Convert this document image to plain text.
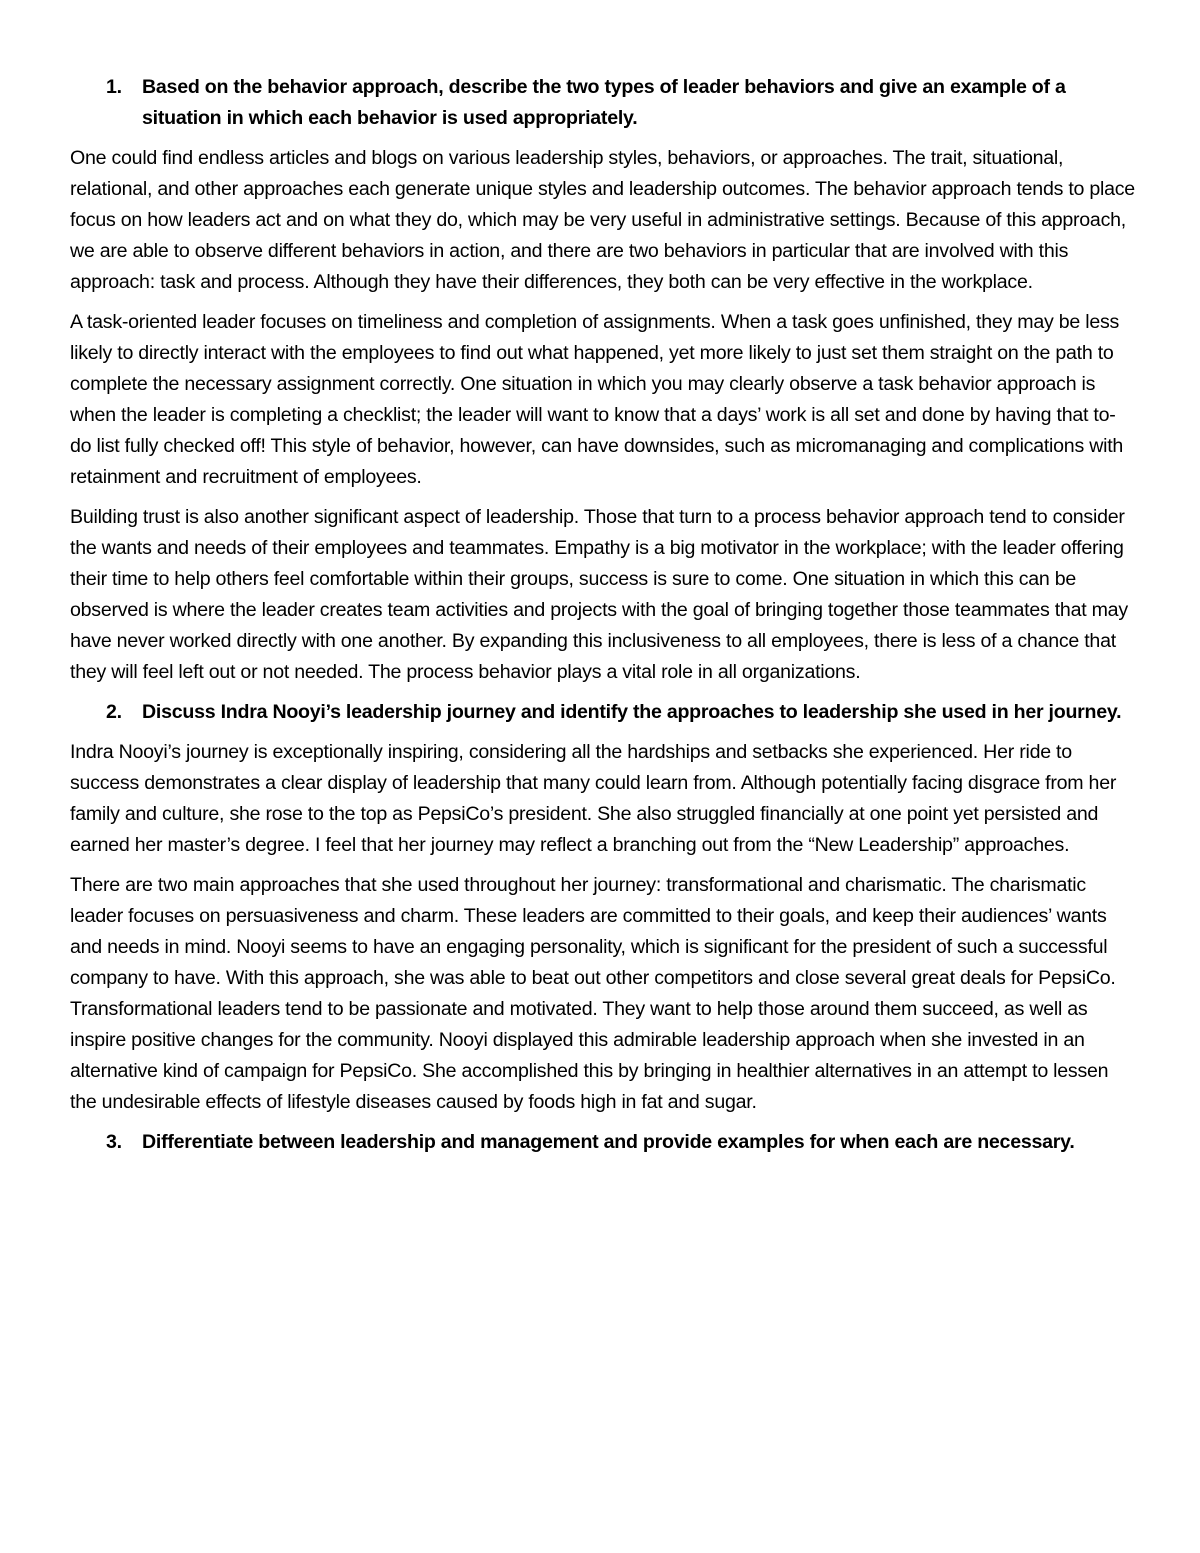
1.	Based on the behavior approach, describe the two types of leader behaviors and give an example of a situation in which each behavior is used appropriately.

One could find endless articles and blogs on various leadership styles, behaviors, or approaches. The trait, situational, relational, and other approaches each generate unique styles and leadership outcomes. The behavior approach tends to place focus on how leaders act and on what they do, which may be very useful in administrative settings. Because of this approach, we are able to observe different behaviors in action, and there are two behaviors in particular that are involved with this approach: task and process. Although they have their differences, they both can be very effective in the workplace.

A task-oriented leader focuses on timeliness and completion of assignments. When a task goes unfinished, they may be less likely to directly interact with the employees to find out what happened, yet more likely to just set them straight on the path to complete the necessary assignment correctly. One situation in which you may clearly observe a task behavior approach is when the leader is completing a checklist; the leader will want to know that a days’ work is all set and done by having that to-do list fully checked off! This style of behavior, however, can have downsides, such as micromanaging and complications with retainment and recruitment of employees.

Building trust is also another significant aspect of leadership. Those that turn to a process behavior approach tend to consider the wants and needs of their employees and teammates. Empathy is a big motivator in the workplace; with the leader offering their time to help others feel comfortable within their groups, success is sure to come. One situation in which this can be observed is where the leader creates team activities and projects with the goal of bringing together those teammates that may have never worked directly with one another. By expanding this inclusiveness to all employees, there is less of a chance that they will feel left out or not needed. The process behavior plays a vital role in all organizations.

2.	Discuss Indra Nooyi’s leadership journey and identify the approaches to leadership she used in her journey.

Indra Nooyi’s journey is exceptionally inspiring, considering all the hardships and setbacks she experienced. Her ride to success demonstrates a clear display of leadership that many could learn from. Although potentially facing disgrace from her family and culture, she rose to the top as PepsiCo’s president. She also struggled financially at one point yet persisted and earned her master’s degree. I feel that her journey may reflect a branching out from the “New Leadership” approaches.

There are two main approaches that she used throughout her journey: transformational and charismatic. The charismatic leader focuses on persuasiveness and charm. These leaders are committed to their goals, and keep their audiences’ wants and needs in mind. Nooyi seems to have an engaging personality, which is significant for the president of such a successful company to have. With this approach, she was able to beat out other competitors and close several great deals for PepsiCo. Transformational leaders tend to be passionate and motivated. They want to help those around them succeed, as well as inspire positive changes for the community. Nooyi displayed this admirable leadership approach when she invested in an alternative kind of campaign for PepsiCo. She accomplished this by bringing in healthier alternatives in an attempt to lessen the undesirable effects of lifestyle diseases caused by foods high in fat and sugar.

3.	Differentiate between leadership and management and provide examples for when each are necessary.
